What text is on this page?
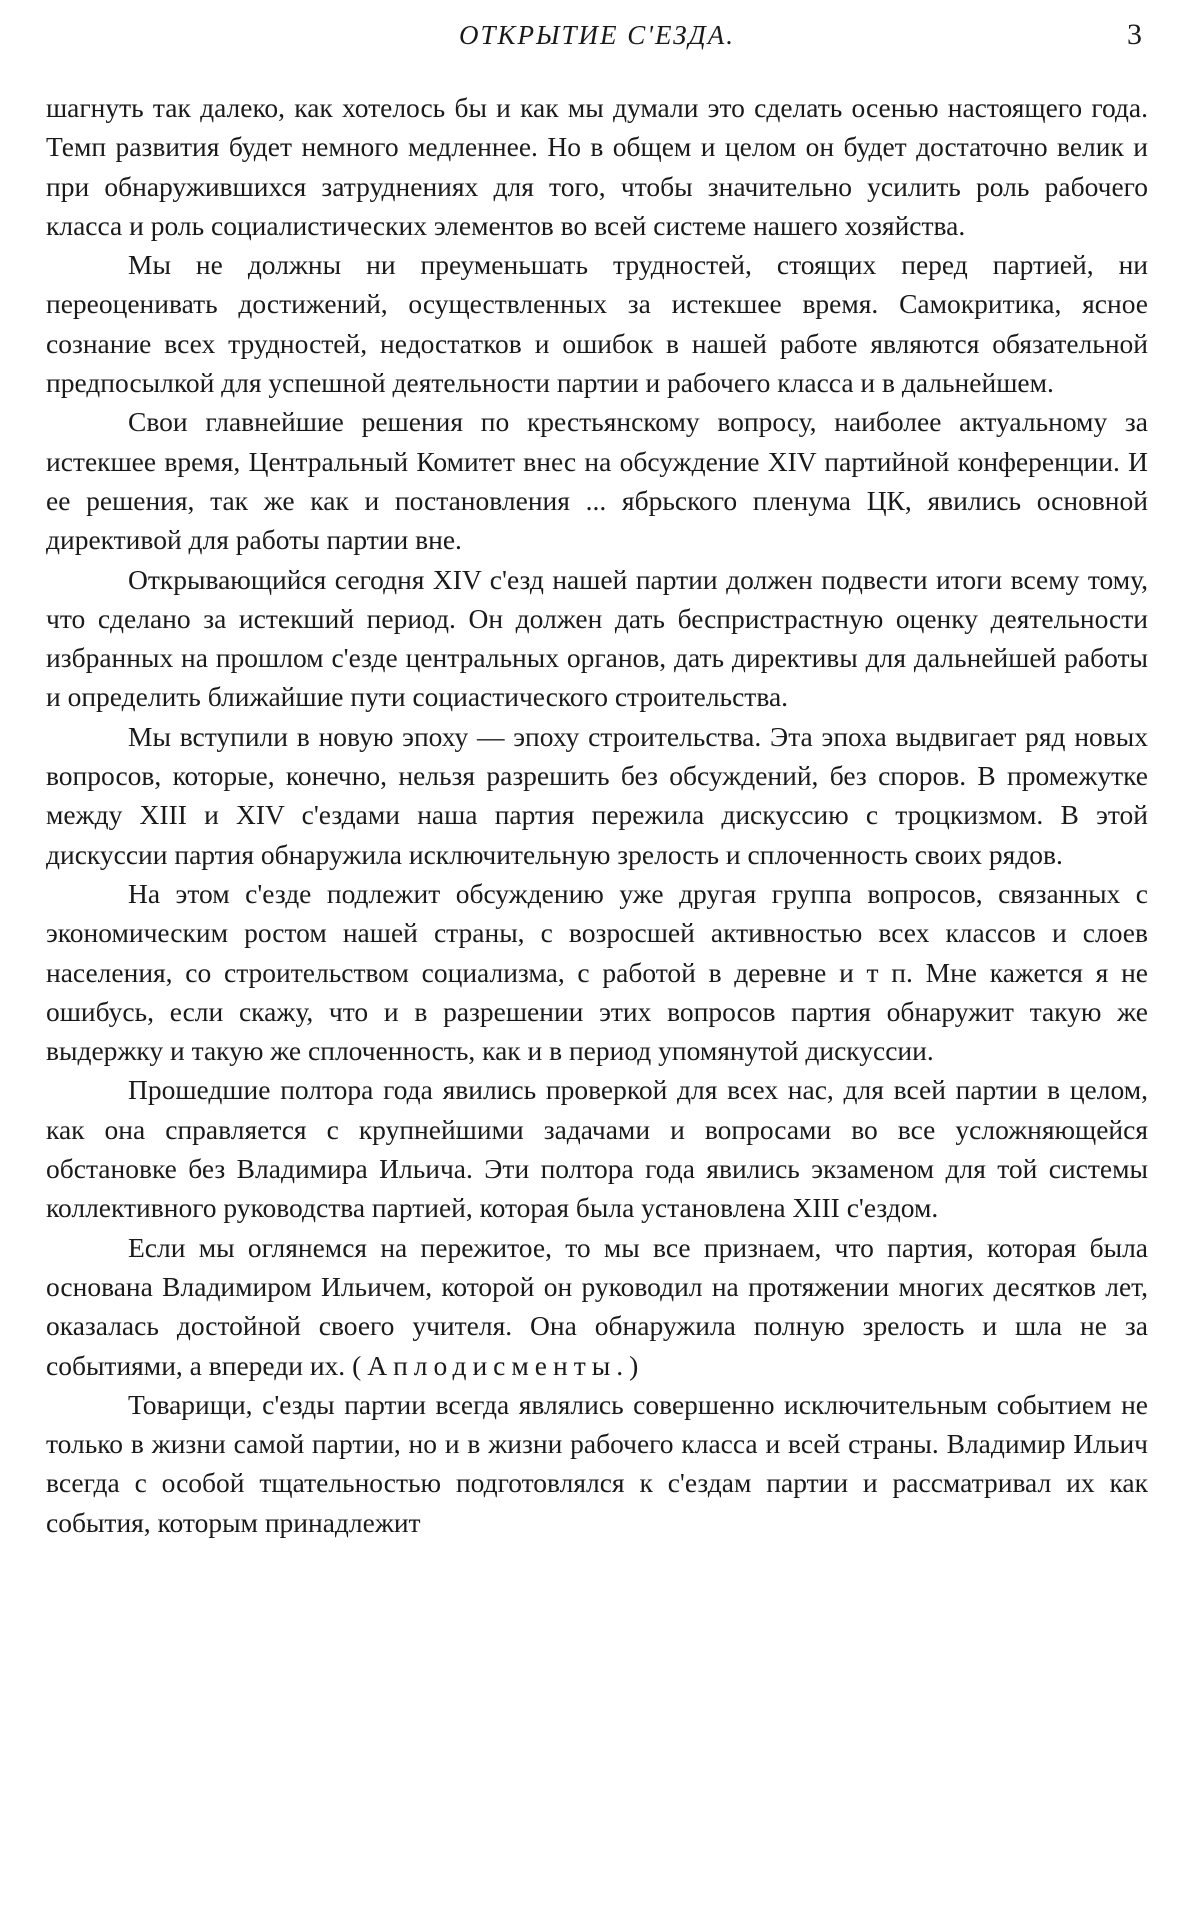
ОТКРЫТИЕ С'ЕЗДА.	3

шагнуть так далеко, как хотелось бы и как мы думали это сделать осенью настоящего года. Темп развития будет немного медленнее. Но в общем и целом он будет достаточно велик и при обнаружившихся затруднениях для того, чтобы значительно усилить роль рабочего класса и роль социалистических элементов во всей системе нашего хозяйства.

Мы не должны ни преуменьшать трудностей, стоящих перед партией, ни переоценивать достижений, осуществленных за истекшее время. Самокритика, ясное сознание всех трудностей, недостатков и ошибок в нашей работе являются обязательной предпосылкой для успешной деятельности партии и рабочего класса и в дальнейшем.

Свои главнейшие решения по крестьянскому вопросу, наиболее актуальному за истекшее время, Центральный Комитет внес на обсуждение XIV партийной конференции. И ее решения, так же как и постановления ... ябрьского пленума ЦК, явились основной директивой для работы партии вне.

Открывающийся сегодня XIV с'езд нашей партии должен подвести итоги всему тому, что сделано за истекший период. Он должен дать беспристрастную оценку деятельности избранных на прошлом с'езде центральных органов, дать директивы для дальнейшей работы и определить ближайшие пути социастического строительства.

Мы вступили в новую эпоху — эпоху строительства. Эта эпоха выдвигает ряд новых вопросов, которые, конечно, нельзя разрешить без обсуждений, без споров. В промежутке между XIII и XIV с'ездами наша партия пережила дискуссию с троцкизмом. В этой дискуссии партия обнаружила исключительную зрелость и сплоченность своих рядов.

На этом с'езде подлежит обсуждению уже другая группа вопросов, связанных с экономическим ростом нашей страны, с возросшей активностью всех классов и слоев населения, со строительством социализма, с работой в деревне и т п. Мне кажется я не ошибусь, если скажу, что и в разрешении этих вопросов партия обнаружит такую же выдержку и такую же сплоченность, как и в период упомянутой дискуссии.

Прошедшие полтора года явились проверкой для всех нас, для всей партии в целом, как она справляется с крупнейшими задачами и вопросами во все усложняющейся обстановке без Владимира Ильича. Эти полтора года явились экзаменом для той системы коллективного руководства партией, которая была установлена XIII с'ездом.

Если мы оглянемся на пережитое, то мы все признаем, что партия, которая была основана Владимиром Ильичем, которой он руководил на протяжении многих десятков лет, оказалась достойной своего учителя. Она обнаружила полную зрелость и шла не за событиями, а впереди их. (Аплодисменты.)

Товарищи, с'езды партии всегда являлись совершенно исключительным событием не только в жизни самой партии, но и в жизни рабочего класса и всей страны. Владимир Ильич всегда с особой тщательностью подготовлялся к с'ездам партии и рассматривал их как события, которым принадлежит
